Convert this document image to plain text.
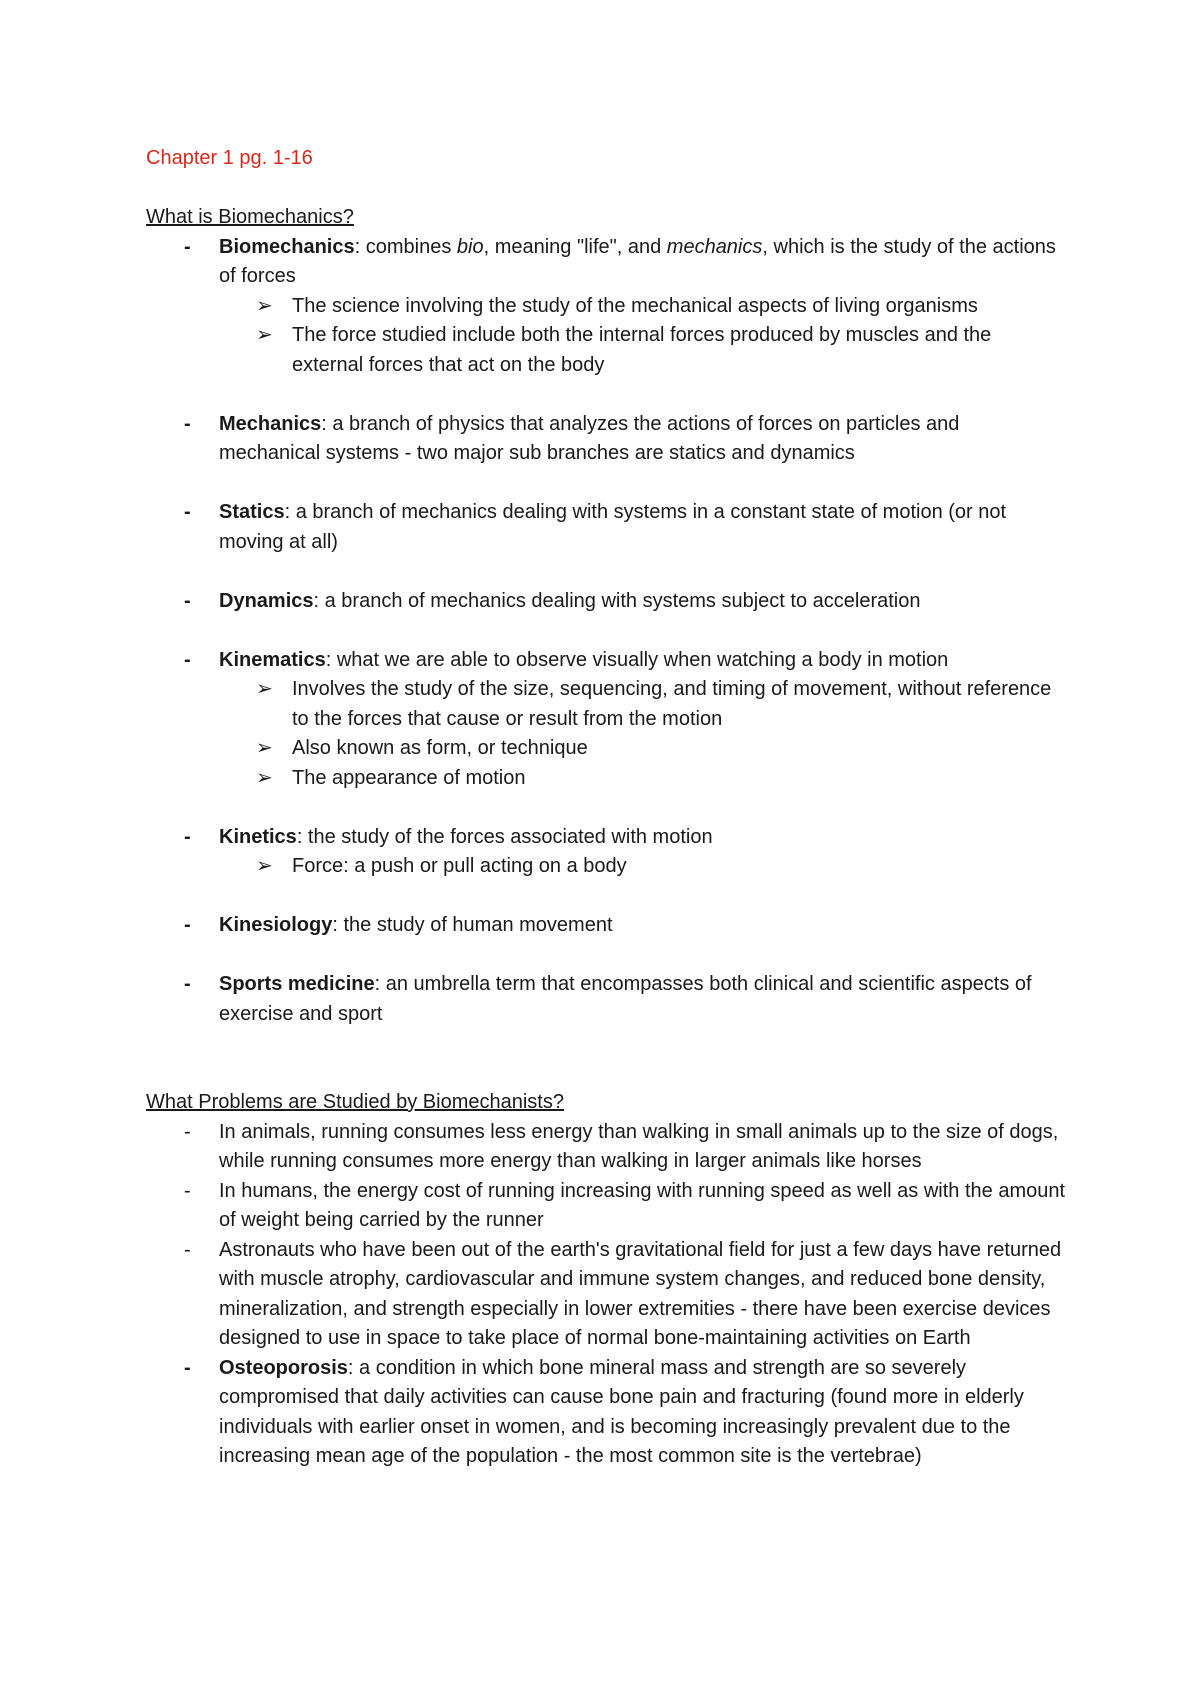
Chapter 1 pg. 1-16

What is Biomechanics?

- Biomechanics: combines bio, meaning "life", and mechanics, which is the study of the actions of forces
➢ The science involving the study of the mechanical aspects of living organisms
➢ The force studied include both the internal forces produced by muscles and the external forces that act on the body
- Mechanics: a branch of physics that analyzes the actions of forces on particles and mechanical systems - two major sub branches are statics and dynamics
- Statics: a branch of mechanics dealing with systems in a constant state of motion (or not moving at all)
- Dynamics: a branch of mechanics dealing with systems subject to acceleration
- Kinematics: what we are able to observe visually when watching a body in motion
➢ Involves the study of the size, sequencing, and timing of movement, without reference to the forces that cause or result from the motion
➢ Also known as form, or technique
➢ The appearance of motion
- Kinetics: the study of the forces associated with motion
➢ Force: a push or pull acting on a body
- Kinesiology: the study of human movement
- Sports medicine: an umbrella term that encompasses both clinical and scientific aspects of exercise and sport

What Problems are Studied by Biomechanists?

- In animals, running consumes less energy than walking in small animals up to the size of dogs, while running consumes more energy than walking in larger animals like horses
- In humans, the energy cost of running increasing with running speed as well as with the amount of weight being carried by the runner
- Astronauts who have been out of the earth's gravitational field for just a few days have returned with muscle atrophy, cardiovascular and immune system changes, and reduced bone density, mineralization, and strength especially in lower extremities - there have been exercise devices designed to use in space to take place of normal bone-maintaining activities on Earth
- Osteoporosis: a condition in which bone mineral mass and strength are so severely compromised that daily activities can cause bone pain and fracturing (found more in elderly individuals with earlier onset in women, and is becoming increasingly prevalent due to the increasing mean age of the population - the most common site is the vertebrae)
